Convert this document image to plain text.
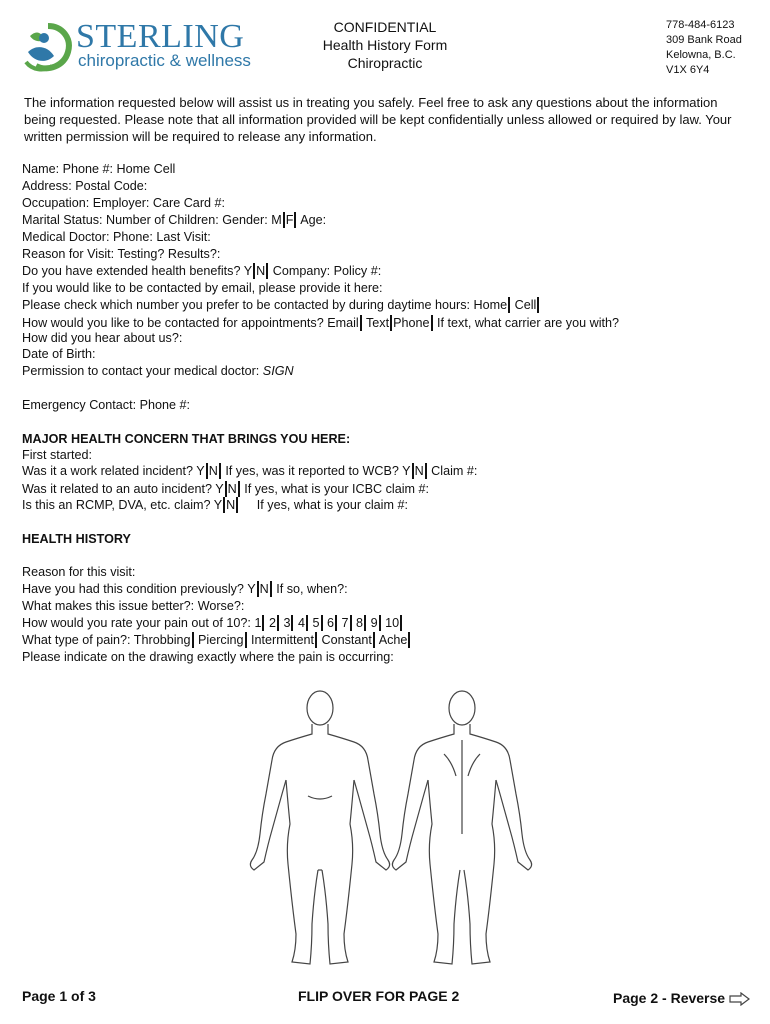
STERLING
chiropractic & wellness
CONFIDENTIAL
Health History Form
Chiropractic
778-484-6123
309 Bank Road
Kelowna, B.C.
V1X 6Y4
The information requested below will assist us in treating you safely. Feel free to ask any questions about the information being requested. Please note that all information provided will be kept confidentially unless allowed or required by law. Your written permission will be required to release any information.
Name: Phone #: Home Cell
Address: Postal Code:
Occupation: Employer: Care Card #:
Marital Status: Number of Children: Gender: M F Age:
Medical Doctor: Phone: Last Visit:
Reason for Visit: Testing? Results?:
Do you have extended health benefits? Y N Company: Policy #:
If you would like to be contacted by email, please provide it here:
Please check which number you prefer to be contacted by during daytime hours: Home Cell
How would you like to be contacted for appointments? Email Text Phone If text, what carrier are you with?
How did you hear about us?:
Date of Birth:
Permission to contact your medical doctor: SIGN
Emergency Contact: Phone #:
MAJOR HEALTH CONCERN THAT BRINGS YOU HERE:
First started:
Was it a work related incident? Y N If yes, was it reported to WCB? Y N Claim #:
Was it related to an auto incident? Y N If yes, what is your ICBC claim #:
Is this an RCMP, DVA, etc. claim? Y N If yes, what is your claim #:
HEALTH HISTORY
Reason for this visit:
Have you had this condition previously? Y N If so, when?:
What makes this issue better?: Worse?:
How would you rate your pain out of 10?: 1 2 3 4 5 6 7 8 9 10
What type of pain?: Throbbing Piercing Intermittent Constant Ache
Please indicate on the drawing exactly where the pain is occurring:
Page 1 of 3	FLIP OVER FOR PAGE 2	Page 2 - Reverse
